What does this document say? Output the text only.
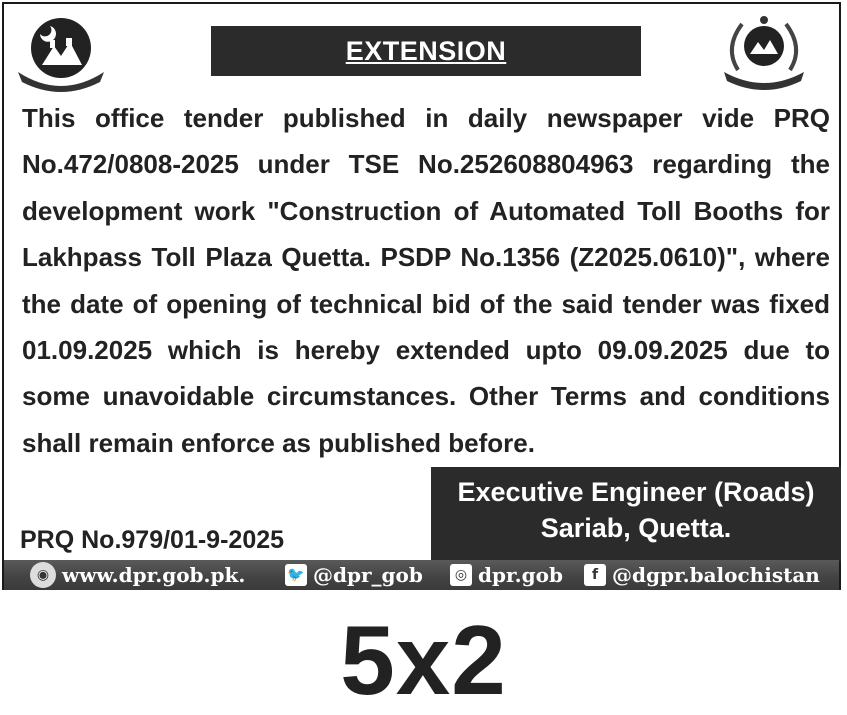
EXTENSION
This office tender published in daily newspaper vide PRQ No.472/0808-2025 under TSE No.252608804963 regarding the development work "Construction of Automated Toll Booths for Lakhpass Toll Plaza Quetta. PSDP No.1356 (Z2025.0610)", where the date of opening of technical bid of the said tender was fixed 01.09.2025 which is hereby extended upto 09.09.2025 due to some unavoidable circumstances. Other Terms and conditions shall remain enforce as published before.
PRQ No.979/01-9-2025
Executive Engineer (Roads)
Sariab, Quetta.
◉ www.dpr.gob.pk.	🐦 @dpr_gob	◎ dpr.gob	f @dgpr.balochistan
5x2
